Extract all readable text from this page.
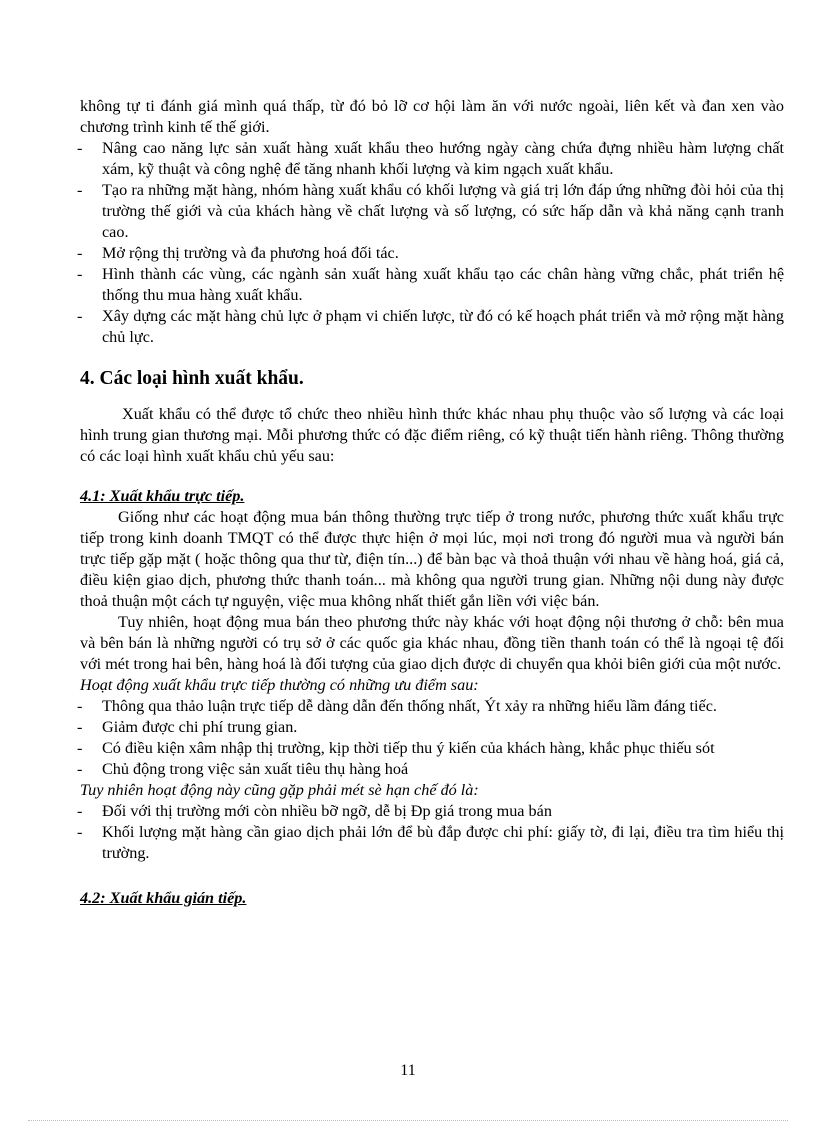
không tự ti đánh giá mình quá thấp, từ đó bỏ lỡ cơ hội làm ăn với nước ngoài, liên kết và đan xen vào chương trình kinh tế thế giới.

- Nâng cao năng lực sản xuất hàng xuất khẩu theo hướng ngày càng chứa đựng nhiều hàm lượng chất xám, kỹ thuật và công nghệ để tăng nhanh khối lượng và kim ngạch xuất khẩu.
- Tạo ra những mặt hàng, nhóm hàng xuất khẩu có khối lượng và giá trị lớn đáp ứng những đòi hỏi của thị trường thế giới và của khách hàng về chất lượng và số lượng, có sức hấp dẫn và khả năng cạnh tranh cao.
- Mở rộng thị trường và đa phương hoá đối tác.
- Hình thành các vùng, các ngành sản xuất hàng xuất khẩu tạo các chân hàng vững chắc, phát triển hệ thống thu mua hàng xuất khẩu.
- Xây dựng các mặt hàng chủ lực ở phạm vi chiến lược, từ đó có kế hoạch phát triển và mở rộng mặt hàng chủ lực.

4. Các loại hình xuất khẩu.

Xuất khẩu có thể được tổ chức theo nhiều hình thức khác nhau phụ thuộc vào số lượng và các loại hình trung gian thương mại. Mỗi phương thức có đặc điểm riêng, có kỹ thuật tiến hành riêng. Thông thường có các loại hình xuất khẩu chủ yếu sau:

4.1: Xuất khẩu trực tiếp.

Giống như các hoạt động mua bán thông thường trực tiếp ở trong nước, phương thức xuất khẩu trực tiếp trong kinh doanh TMQT có thể được thực hiện ở mọi lúc, mọi nơi trong đó người mua và người bán trực tiếp gặp mặt ( hoặc thông qua thư từ, điện tín...) để bàn bạc và thoả thuận với nhau về hàng hoá, giá cả, điều kiện giao dịch, phương thức thanh toán... mà không qua người trung gian. Những nội dung này được thoả thuận một cách tự nguyện, việc mua không nhất thiết gắn liền với việc bán.

Tuy nhiên, hoạt động mua bán theo phương thức này khác với hoạt động nội thương ở chỗ: bên mua và bên bán là những người có trụ sở ở các quốc gia khác nhau, đồng tiền thanh toán có thể là ngoại tệ đối với mét trong hai bên, hàng hoá là đối tượng của giao dịch được di chuyển qua khỏi biên giới của một nước.

Hoạt động xuất khẩu trực tiếp thường có những ưu điểm sau:

- Thông qua thảo luận trực tiếp dễ dàng dẫn đến thống nhất, Ýt xảy ra những hiểu lầm đáng tiếc.
- Giảm được chi phí trung gian.
- Có điều kiện xâm nhập thị trường, kịp thời tiếp thu ý kiến của khách hàng, khắc phục thiếu sót
- Chủ động trong việc sản xuất tiêu thụ hàng hoá

Tuy nhiên hoạt động này cũng gặp phải mét sè hạn chế đó là:

- Đối với thị trường mới còn nhiều bỡ ngỡ, dễ bị Ðp giá trong mua bán
- Khối lượng mặt hàng cần giao dịch phải lớn để bù đắp được chi phí: giấy tờ, đi lại, điều tra tìm hiểu thị trường.

4.2: Xuất khẩu gián tiếp.

11
